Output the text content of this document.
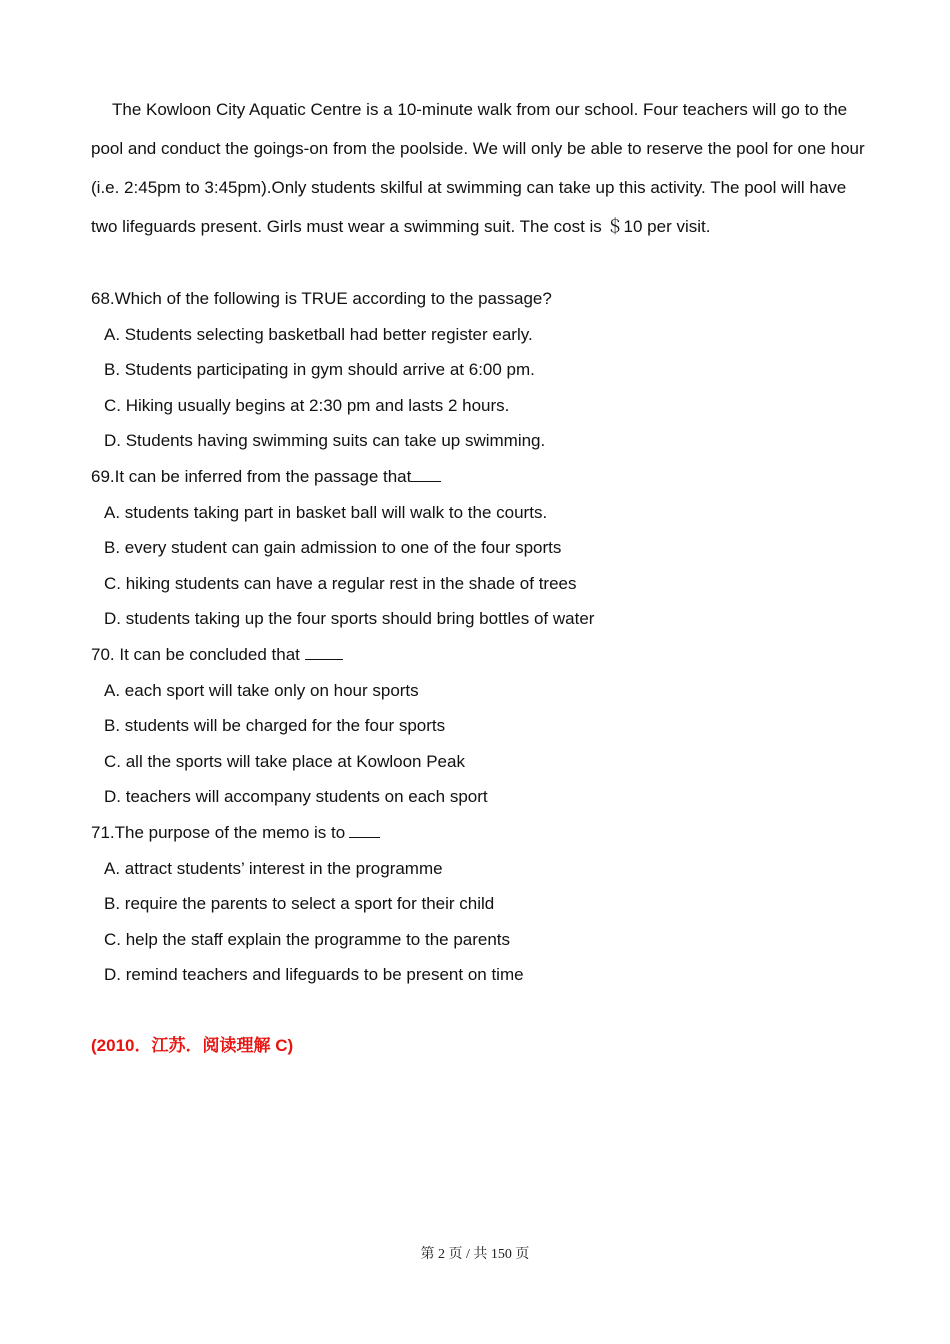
The Kowloon City Aquatic Centre is a 10-minute walk from our school. Four teachers will go to the pool and conduct the goings-on from the poolside. We will only be able to reserve the pool for one hour (i.e. 2:45pm to 3:45pm).Only students skilful at swimming can take up this activity. The pool will have two lifeguards present. Girls must wear a swimming suit. The cost is ＄10 per visit.

68.Which of the following is TRUE according to the passage?
A. Students selecting basketball had better register early.
B. Students participating in gym should arrive at 6:00 pm.
C. Hiking usually begins at 2:30 pm and lasts 2 hours.
D. Students having swimming suits can take up swimming.
69.It can be inferred from the passage that
A. students taking part in basket ball will walk to the courts.
B. every student can gain admission to one of the four sports
C. hiking students can have a regular rest in the shade of trees
D. students taking up the four sports should bring bottles of water
70. It can be concluded that
A. each sport will take only on hour sports
B. students will be charged for the four sports
C. all the sports will take place at Kowloon Peak
D. teachers will accompany students on each sport
71.The purpose of the memo is to
A. attract students’ interest in the programme
B. require the parents to select a sport for their child
C. help the staff explain the programme to the parents
D. remind teachers and lifeguards to be present on time
(2010．江苏．阅读理解 C)
第 2 页 / 共 150 页
